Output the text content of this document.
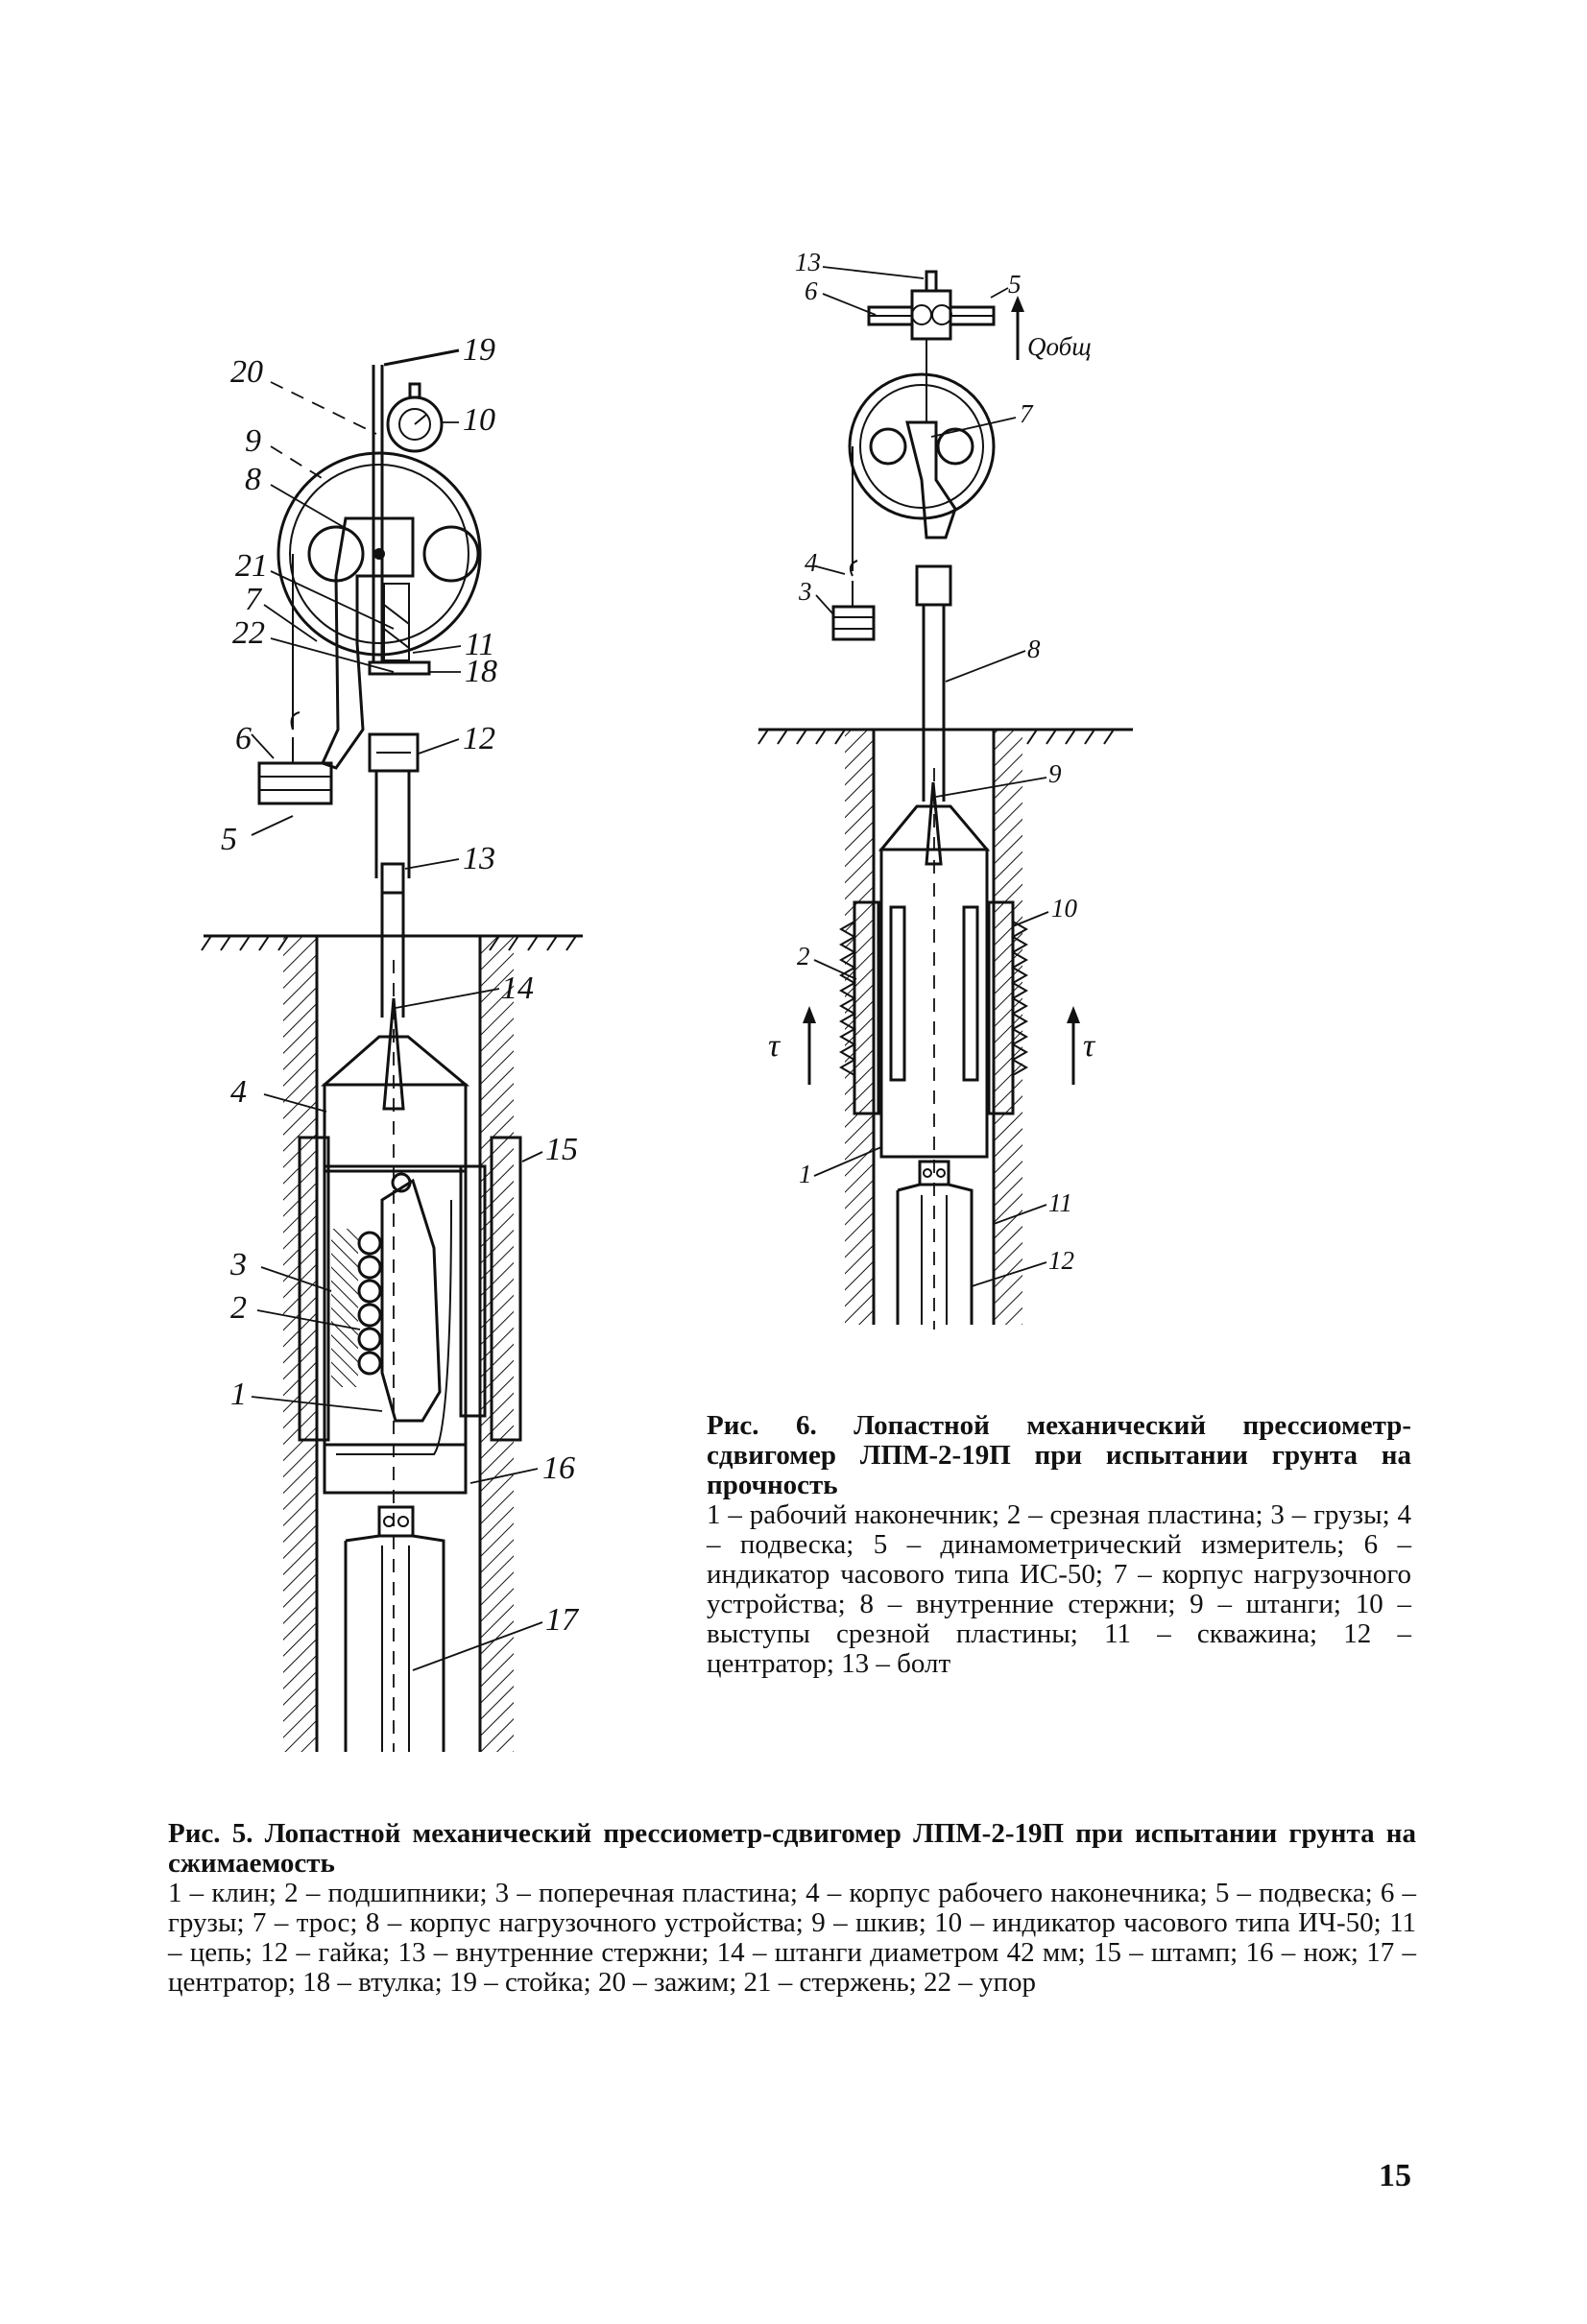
20
19
10
9
8
21
7
22	11
18
6	12
5
13
14
4
15
3
2
1
16
17
13
6	5
Qобщ
7
4
3
8
9
10
2
τ	τ
1
11
12
Рис. 6. Лопастной механический прессиометр-сдвигомер ЛПМ-2-19П при испытании грунта на прочность
1 – рабочий наконечник; 2 – срезная пластина; 3 – грузы; 4 – подвеска; 5 – динамометрический измеритель; 6 – индикатор часового типа ИС-50; 7 – корпус нагрузочного устройства; 8 – внутренние стержни; 9 – штанги; 10 – выступы срезной пластины; 11 – скважина; 12 – центратор; 13 – болт
Рис. 5. Лопастной механический прессиометр-сдвигомер ЛПМ-2-19П при испытании грунта на сжимаемость
1 – клин; 2 – подшипники; 3 – поперечная пластина; 4 – корпус рабочего наконечника; 5 – подвеска; 6 – грузы; 7 – трос; 8 – корпус нагрузочного устройства; 9 – шкив; 10 – индикатор часового типа ИЧ-50; 11 – цепь; 12 – гайка; 13 – внутренние стержни; 14 – штанги диаметром 42 мм; 15 – штамп; 16 – нож; 17 – центратор; 18 – втулка; 19 – стойка; 20 – зажим; 21 – стержень; 22 – упор
15
